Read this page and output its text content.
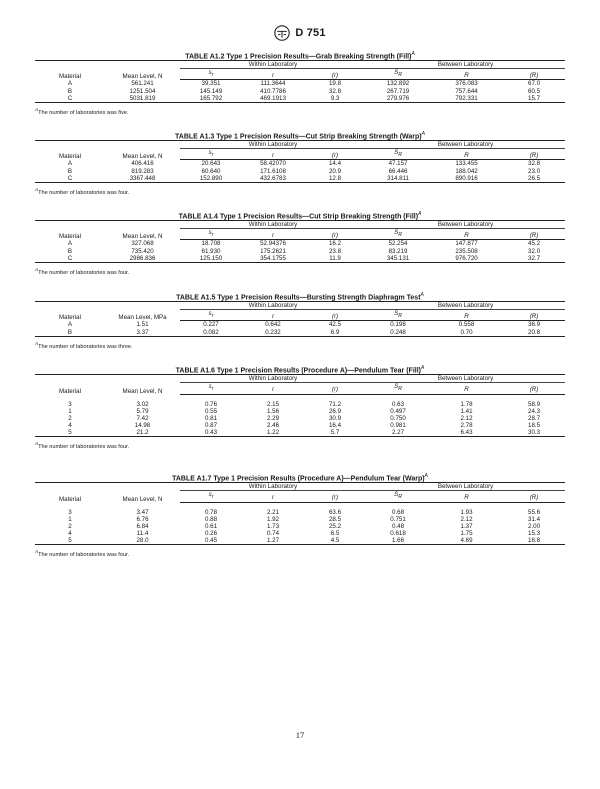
D 751
TABLE A1.2 Type 1 Precision Results—Grab Breaking Strength (Fill)$^A$
Material	Mean Level, N	Within Laboratory			Between Laboratory		
		$s_r$	r	(r)	$S_R$	R	(R)
A	561.241	39.351	111.3644	19.8	132.892	376.083	67.0
B	1251.504	145.149	410.7786	32.8	267.719	757.644	60.5
C	5031.819	165.792	469.1913	9.3	279.976	792.331	15.7
$^A$The number of laboratories was five.
TABLE A1.3 Type 1 Precision Results—Cut Strip Breaking Strength (Warp)$^A$
Material	Mean Level, N	Within Laboratory			Between Laboratory		
		$s_r$	r	(r)	$S_R$	R	(R)
A	406.416	20.643	58.42070	14.4	47.157	133.455	32.8
B	819.283	60.640	171.6108	20.9	66.446	188.042	23.0
C	3367.448	152.890	432.6783	12.8	314.811	890.916	26.5
$^A$The number of laboratories was four.
TABLE A1.4 Type 1 Precision Results—Cut Strip Breaking Strength (Fill)$^A$
Material	Mean Level, N	Within Laboratory			Between Laboratory		
		$s_r$	r	(r)	$S_R$	R	(R)
A	327.068	18.708	52.94376	16.2	52.254	147.877	45.2
B	735.420	61.930	175.2621	23.8	83.219	235.508	32.0
C	2986.836	125.150	354.1755	11.9	345.131	976.720	32.7
$^A$The number of laboratories was four.
TABLE A1.5 Type 1 Precision Results—Bursting Strength Diaphragm Test$^A$
Material	Mean Level, MPa	Within Laboratory			Between Laboratory		
		$s_r$	r	(r)	$S_R$	R	(R)
A	1.51	0.227	0.642	42.5	0.198	0.558	36.9
B	3.37	0.082	0.232	6.9	0.248	0.70	20.8
$^A$The number of laboratories was three.
TABLE A1.6 Type 1 Precision Results (Procedure A)—Pendulum Tear (Fill)$^A$
Material	Mean Level, N	Within Laboratory			Between Laboratory		
		$s_r$	r	(r)	$S_R$	R	(R)
3	3.02	0.76	2.15	71.2	0.63	1.78	58.9
1	5.79	0.55	1.56	26.9	0.497	1.41	24.3
2	7.42	0.81	2.29	30.9	0.750	2.12	28.7
4	14.98	0.87	2.46	16.4	0.981	2.78	18.5
5	21.2	0.43	1.22	5.7	2.27	6.43	30.3
$^A$The number of laboratories was four.
TABLE A1.7 Type 1 Precision Results (Procedure A)—Pendulum Tear (Warp)$^A$
Material	Mean Level, N	Within Laboratory			Between Laboratory		
		$s_r$	r	(r)	$S_R$	R	(R)
3	3.47	0.78	2.21	63.6	0.68	1.93	55.6
1	6.76	0.88	1.92	28.5	0.751	2.12	31.4
2	6.84	0.61	1.73	25.2	0.48	1.37	2.00
4	11.4	0.26	0.74	6.5	0.618	1.75	15.3
5	28.0	0.45	1.27	4.5	1.66	4.69	16.8
$^A$The number of laboratories was four.
17
